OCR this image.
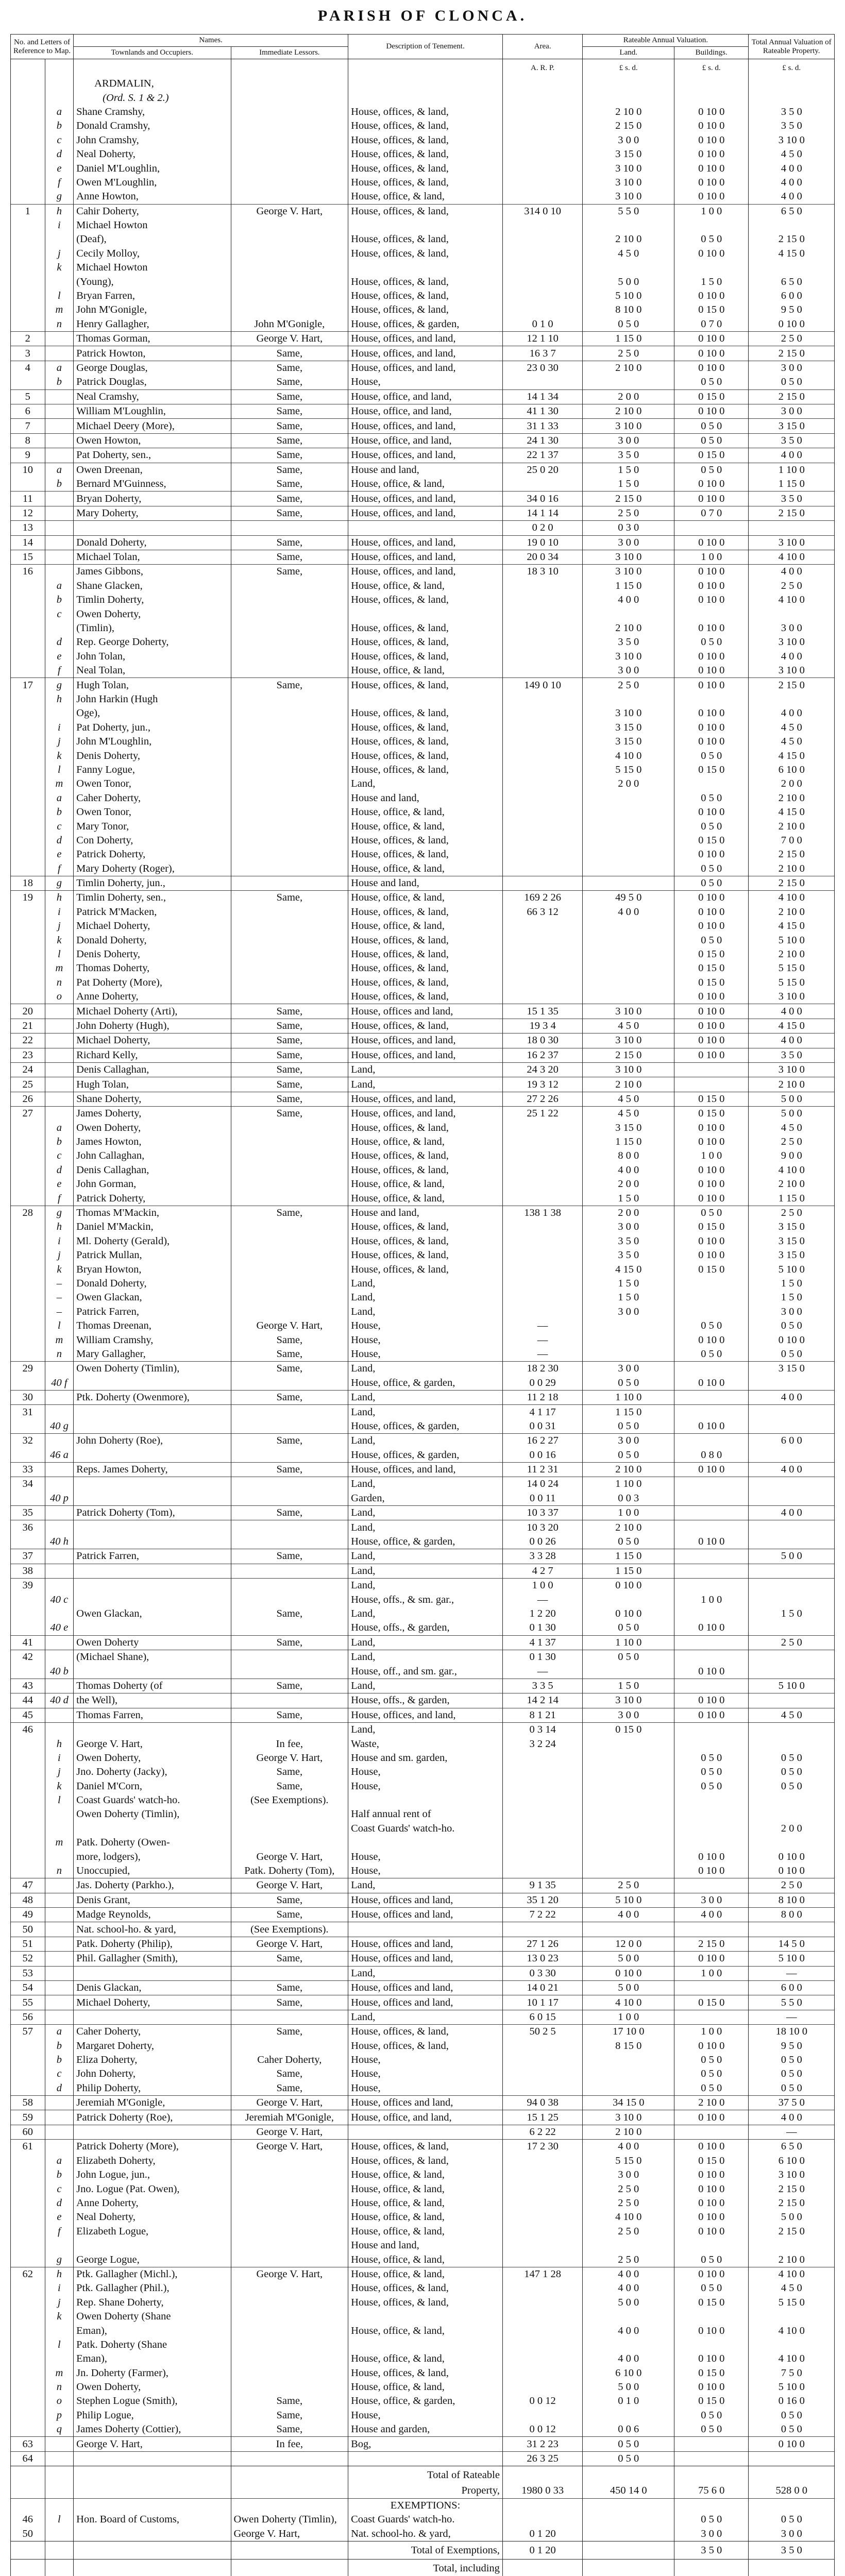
PARISH OF CLONCA.
No. and Letters of Reference to Map.		Names.		Description of Tenement.	Area.	Rateable Annual Valuation.		Total Annual Valuation of Rateable Property.
		Townlands and Occupiers.	Immediate Lessors.			Land.	Buildings.	
					A. R. P.	£ s. d.	£ s. d.	£ s. d.
		ARDMALIN,						
		(Ord. S. 1 & 2.)						
	a	Shane Cramshy,		House, offices, & land,		2 10 0	0 10 0	3 5 0
	b	Donald Cramshy,		House, offices, & land,		2 15 0	0 10 0	3 5 0
	c	John Cramshy,		House, offices, & land,		3 0 0	0 10 0	3 10 0
	d	Neal Doherty,		House, offices, & land,		3 15 0	0 10 0	4 5 0
	e	Daniel M'Loughlin,		House, offices, & land,		3 10 0	0 10 0	4 0 0
	f	Owen M'Loughlin,		House, offices, & land,		3 10 0	0 10 0	4 0 0
	g	Anne Howton,		House, office, & land,		3 10 0	0 10 0	4 0 0
1	h	Cahir Doherty,	George V. Hart,	House, offices, & land,	314 0 10	5 5 0	1 0 0	6 5 0
	i	Michael Howton						
		(Deaf),		House, offices, & land,		2 10 0	0 5 0	2 15 0
	j	Cecily Molloy,		House, offices, & land,		4 5 0	0 10 0	4 15 0
	k	Michael Howton						
		(Young),		House, offices, & land,		5 0 0	1 5 0	6 5 0
	l	Bryan Farren,		House, offices, & land,		5 10 0	0 10 0	6 0 0
	m	John M'Gonigle,		House, offices, & land,		8 10 0	0 15 0	9 5 0
	n	Henry Gallagher,	John M'Gonigle,	House, offices, & garden,	0 1 0	0 5 0	0 7 0	0 10 0
2		Thomas Gorman,	George V. Hart,	House, offices, and land,	12 1 10	1 15 0	0 10 0	2 5 0
3		Patrick Howton,	Same,	House, offices, and land,	16 3 7	2 5 0	0 10 0	2 15 0
4	a	George Douglas,	Same,	House, offices, and land,	23 0 30	2 10 0	0 10 0	3 0 0
	b	Patrick Douglas,	Same,	House,			0 5 0	0 5 0
5		Neal Cramshy,	Same,	House, office, and land,	14 1 34	2 0 0	0 15 0	2 15 0
6		William M'Loughlin,	Same,	House, office, and land,	41 1 30	2 10 0	0 10 0	3 0 0
7		Michael Deery (More),	Same,	House, offices, and land,	31 1 33	3 10 0	0 5 0	3 15 0
8		Owen Howton,	Same,	House, office, and land,	24 1 30	3 0 0	0 5 0	3 5 0
9		Pat Doherty, sen.,	Same,	House, offices, and land,	22 1 37	3 5 0	0 15 0	4 0 0
10	a	Owen Dreenan,	Same,	House and land,	25 0 20	1 5 0	0 5 0	1 10 0
	b	Bernard M'Guinness,	Same,	House, office, & land,		1 5 0	0 10 0	1 15 0
11		Bryan Doherty,	Same,	House, offices, and land,	34 0 16	2 15 0	0 10 0	3 5 0
12		Mary Doherty,	Same,	House, offices, and land,	14 1 14	2 5 0	0 7 0	2 15 0
13					0 2 0	0 3 0		
14		Donald Doherty,	Same,	House, offices, and land,	19 0 10	3 0 0	0 10 0	3 10 0
15		Michael Tolan,	Same,	House, offices, and land,	20 0 34	3 10 0	1 0 0	4 10 0
16		James Gibbons,	Same,	House, offices, and land,	18 3 10	3 10 0	0 10 0	4 0 0
	a	Shane Glacken,		House, office, & land,		1 15 0	0 10 0	2 5 0
	b	Timlin Doherty,		House, offices, & land,		4 0 0	0 10 0	4 10 0
	c	Owen Doherty,						
		(Timlin),		House, offices, & land,		2 10 0	0 10 0	3 0 0
	d	Rep. George Doherty,		House, offices, & land,		3 5 0	0 5 0	3 10 0
	e	John Tolan,		House, offices, & land,		3 10 0	0 10 0	4 0 0
	f	Neal Tolan,		House, office, & land,		3 0 0	0 10 0	3 10 0
17	g	Hugh Tolan,	Same,	House, offices, & land,	149 0 10	2 5 0	0 10 0	2 15 0
	h	John Harkin (Hugh						
		Oge),		House, offices, & land,		3 10 0	0 10 0	4 0 0
	i	Pat Doherty, jun.,		House, offices, & land,		3 15 0	0 10 0	4 5 0
	j	John M'Loughlin,		House, offices, & land,		3 15 0	0 10 0	4 5 0
	k	Denis Doherty,		House, offices, & land,		4 10 0	0 5 0	4 15 0
	l	Fanny Logue,		House, offices, & land,		5 15 0	0 15 0	6 10 0
	m	Owen Tonor,		Land,		2 0 0		2 0 0
	a	Caher Doherty,		House and land,			0 5 0	2 10 0
	b	Owen Tonor,		House, office, & land,			0 10 0	4 15 0
	c	Mary Tonor,		House, office, & land,			0 5 0	2 10 0
	d	Con Doherty,		House, offices, & land,			0 15 0	7 0 0
	e	Patrick Doherty,		House, offices, & land,			0 10 0	2 15 0
	f	Mary Doherty (Roger),		House, office, & land,			0 5 0	2 10 0
18	g	Timlin Doherty, jun.,		House and land,			0 5 0	2 15 0
19	h	Timlin Doherty, sen.,	Same,	House, office, & land,	169 2 26	49 5 0	0 10 0	4 10 0
	i	Patrick M'Macken,		House, offices, & land,	66 3 12	4 0 0	0 10 0	2 10 0
	j	Michael Doherty,		House, office, & land,			0 10 0	4 15 0
	k	Donald Doherty,		House, offices, & land,			0 5 0	5 10 0
	l	Denis Doherty,		House, offices, & land,			0 15 0	2 10 0
	m	Thomas Doherty,		House, offices, & land,			0 15 0	5 15 0
	n	Pat Doherty (More),		House, offices, & land,			0 15 0	5 15 0
	o	Anne Doherty,		House, offices, & land,			0 10 0	3 10 0
20		Michael Doherty (Arti),	Same,	House, offices and land,	15 1 35	3 10 0	0 10 0	4 0 0
21		John Doherty (Hugh),	Same,	House, offices, & land,	19 3 4	4 5 0	0 10 0	4 15 0
22		Michael Doherty,	Same,	House, offices, and land,	18 0 30	3 10 0	0 10 0	4 0 0
23		Richard Kelly,	Same,	House, offices, and land,	16 2 37	2 15 0	0 10 0	3 5 0
24		Denis Callaghan,	Same,	Land,	24 3 20	3 10 0		3 10 0
25		Hugh Tolan,	Same,	Land,	19 3 12	2 10 0		2 10 0
26		Shane Doherty,	Same,	House, offices, and land,	27 2 26	4 5 0	0 15 0	5 0 0
27		James Doherty,	Same,	House, offices, and land,	25 1 22	4 5 0	0 15 0	5 0 0
	a	Owen Doherty,		House, offices, & land,		3 15 0	0 10 0	4 5 0
	b	James Howton,		House, office, & land,		1 15 0	0 10 0	2 5 0
	c	John Callaghan,		House, offices, & land,		8 0 0	1 0 0	9 0 0
	d	Denis Callaghan,		House, offices, & land,		4 0 0	0 10 0	4 10 0
	e	John Gorman,		House, office, & land,		2 0 0	0 10 0	2 10 0
	f	Patrick Doherty,		House, office, & land,		1 5 0	0 10 0	1 15 0
28	g	Thomas M'Mackin,	Same,	House and land,	138 1 38	2 0 0	0 5 0	2 5 0
	h	Daniel M'Mackin,		House, offices, & land,		3 0 0	0 15 0	3 15 0
	i	Ml. Doherty (Gerald),		House, offices, & land,		3 5 0	0 10 0	3 15 0
	j	Patrick Mullan,		House, offices, & land,		3 5 0	0 10 0	3 15 0
	k	Bryan Howton,		House, offices, & land,		4 15 0	0 15 0	5 10 0
	–	Donald Doherty,		Land,		1 5 0		1 5 0
	–	Owen Glackan,		Land,		1 5 0		1 5 0
	–	Patrick Farren,		Land,		3 0 0		3 0 0
	l	Thomas Dreenan,	George V. Hart,	House,	—		0 5 0	0 5 0
	m	William Cramshy,	Same,	House,	—		0 10 0	0 10 0
	n	Mary Gallagher,	Same,	House,	—		0 5 0	0 5 0
29		Owen Doherty (Timlin),	Same,	Land,	18 2 30	3 0 0		3 15 0
	40 f			House, office, & garden,	0 0 29	0 5 0	0 10 0	
30		Ptk. Doherty (Owenmore),	Same,	Land,	11 2 18	1 10 0		4 0 0
31				Land,	4 1 17	1 15 0		
	40 g			House, offices, & garden,	0 0 31	0 5 0	0 10 0	
32		John Doherty (Roe),	Same,	Land,	16 2 27	3 0 0		6 0 0
	46 a			House, offices, & garden,	0 0 16	0 5 0	0 8 0	
33		Reps. James Doherty,	Same,	House, offices, and land,	11 2 31	2 10 0	0 10 0	4 0 0
34				Land,	14 0 24	1 10 0		
	40 p			Garden,	0 0 11	0 0 3		
35		Patrick Doherty (Tom),	Same,	Land,	10 3 37	1 0 0		4 0 0
36				Land,	10 3 20	2 10 0		
	40 h			House, office, & garden,	0 0 26	0 5 0	0 10 0	
37		Patrick Farren,	Same,	Land,	3 3 28	1 15 0		5 0 0
38				Land,	4 2 7	1 15 0		
39				Land,	1 0 0	0 10 0		
	40 c			House, offs., & sm. gar.,	—		1 0 0	
		Owen Glackan,	Same,	Land,	1 2 20	0 10 0		1 5 0
	40 e			House, offs., & garden,	0 1 30	0 5 0	0 10 0	
41		Owen Doherty	Same,	Land,	4 1 37	1 10 0		2 5 0
42		(Michael Shane),		Land,	0 1 30	0 5 0		
	40 b			House, off., and sm. gar.,	—		0 10 0	
43		Thomas Doherty (of	Same,	Land,	3 3 5	1 5 0		5 10 0
44	40 d	the Well),		House, offs., & garden,	14 2 14	3 10 0	0 10 0	
45		Thomas Farren,	Same,	House, offices, and land,	8 1 21	3 0 0	0 10 0	4 5 0
46				Land,	0 3 14	0 15 0		
	h	George V. Hart,	In fee,	Waste,	3 2 24			
	i	Owen Doherty,	George V. Hart,	House and sm. garden,			0 5 0	0 5 0
	j	Jno. Doherty (Jacky),	Same,	House,			0 5 0	0 5 0
	k	Daniel M'Corn,	Same,	House,			0 5 0	0 5 0
	l	Coast Guards' watch-ho.	(See Exemptions).					
		Owen Doherty (Timlin),		Half annual rent of				
				Coast Guards' watch-ho.				2 0 0
	m	Patk. Doherty (Owen-						
		more, lodgers),	George V. Hart,	House,			0 10 0	0 10 0
	n	Unoccupied,	Patk. Doherty (Tom),	House,			0 10 0	0 10 0
47		Jas. Doherty (Parkho.),	George V. Hart,	Land,	9 1 35	2 5 0		2 5 0
48		Denis Grant,	Same,	House, offices and land,	35 1 20	5 10 0	3 0 0	8 10 0
49		Madge Reynolds,	Same,	House, offices and land,	7 2 22	4 0 0	4 0 0	8 0 0
50		Nat. school-ho. & yard,	(See Exemptions).					
51		Patk. Doherty (Philip),	George V. Hart,	House, offices and land,	27 1 26	12 0 0	2 15 0	14 5 0
52		Phil. Gallagher (Smith),	Same,	House, offices and land,	13 0 23	5 0 0	0 10 0	5 10 0
53				Land,	0 3 30	0 10 0	1 0 0	—
54		Denis Glackan,	Same,	House, offices and land,	14 0 21	5 0 0		6 0 0
55		Michael Doherty,	Same,	House, offices and land,	10 1 17	4 10 0	0 15 0	5 5 0
56				Land,	6 0 15	1 0 0		—
57	a	Caher Doherty,	Same,	House, offices, & land,	50 2 5	17 10 0	1 0 0	18 10 0
	b	Margaret Doherty,		House, offices, & land,		8 15 0	0 10 0	9 5 0
	b	Eliza Doherty,	Caher Doherty,	House,			0 5 0	0 5 0
	c	John Doherty,	Same,	House,			0 5 0	0 5 0
	d	Philip Doherty,	Same,	House,			0 5 0	0 5 0
58		Jeremiah M'Gonigle,	George V. Hart,	House, offices and land,	94 0 38	34 15 0	2 10 0	37 5 0
59		Patrick Doherty (Roe),	Jeremiah M'Gonigle,	House, office, and land,	15 1 25	3 10 0	0 10 0	4 0 0
60			George V. Hart,		6 2 22	2 10 0		—
61		Patrick Doherty (More),	George V. Hart,	House, offices, & land,	17 2 30	4 0 0	0 10 0	6 5 0
	a	Elizabeth Doherty,		House, offices, & land,		5 15 0	0 15 0	6 10 0
	b	John Logue, jun.,		House, office, & land,		3 0 0	0 10 0	3 10 0
	c	Jno. Logue (Pat. Owen),		House, office, & land,		2 5 0	0 10 0	2 15 0
	d	Anne Doherty,		House, office, & land,		2 5 0	0 10 0	2 15 0
	e	Neal Doherty,		House, office, & land,		4 10 0	0 10 0	5 0 0
	f	Elizabeth Logue,		House, office, & land,		2 5 0	0 10 0	2 15 0
				House and land,				
	g	George Logue,		House, office, & land,		2 5 0	0 5 0	2 10 0
62	h	Ptk. Gallagher (Michl.),	George V. Hart,	House, office, & land,	147 1 28	4 0 0	0 10 0	4 10 0
	i	Ptk. Gallagher (Phil.),		House, offices, & land,		4 0 0	0 5 0	4 5 0
	j	Rep. Shane Doherty,		House, offices, & land,		5 0 0	0 15 0	5 15 0
	k	Owen Doherty (Shane						
		Eman),		House, office, & land,		4 0 0	0 10 0	4 10 0
	l	Patk. Doherty (Shane						
		Eman),		House, office, & land,		4 0 0	0 10 0	4 10 0
	m	Jn. Doherty (Farmer),		House, offices, & land,		6 10 0	0 15 0	7 5 0
	n	Owen Doherty,		House, office, & land,		5 0 0	0 10 0	5 10 0
	o	Stephen Logue (Smith),	Same,	House, office, & garden,	0 0 12	0 1 0	0 15 0	0 16 0
	p	Philip Logue,	Same,	House,			0 5 0	0 5 0
	q	James Doherty (Cottier),	Same,	House and garden,	0 0 12	0 0 6	0 5 0	0 5 0
63		George V. Hart,	In fee,	Bog,	31 2 23	0 5 0		0 10 0
64					26 3 25	0 5 0		
				Total of Rateable				
				Property,	1980 0 33	450 14 0	75 6 0	528 0 0
				EXEMPTIONS:				
46	l	Hon. Board of Customs,	Owen Doherty (Timlin),	Coast Guards' watch-ho.			0 5 0	0 5 0
50			George V. Hart,	Nat. school-ho. & yard,	0 1 20		3 0 0	3 0 0
				Total of Exemptions,	0 1 20		3 5 0	3 5 0
				Total, including				
